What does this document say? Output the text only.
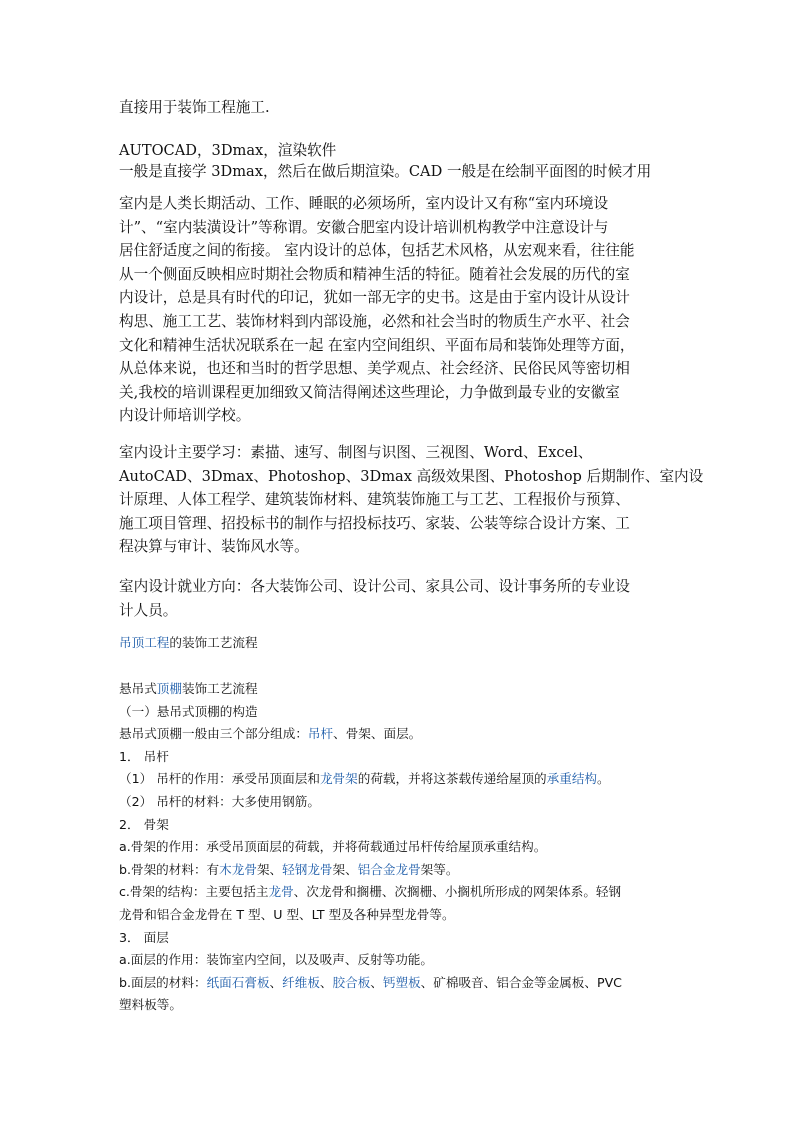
直接用于装饰工程施工.

AUTOCAD，3Dmax，渲染软件

一般是直接学 3Dmax，然后在做后期渲染。CAD 一般是在绘制平面图的时候才用

室内是人类长期活动、工作、睡眠的必须场所，室内设计又有称“室内环境设

计”、“室内装潢设计”等称谓。安徽合肥室内设计培训机构教学中注意设计与

居住舒适度之间的衔接。 室内设计的总体，包括艺术风格，从宏观来看，往往能

从一个侧面反映相应时期社会物质和精神生活的特征。随着社会发展的历代的室

内设计，总是具有时代的印记，犹如一部无字的史书。这是由于室内设计从设计

构思、施工工艺、装饰材料到内部设施，必然和社会当时的物质生产水平、社会

文化和精神生活状况联系在一起 在室内空间组织、平面布局和装饰处理等方面，

从总体来说，也还和当时的哲学思想、美学观点、社会经济、民俗民风等密切相

关,我校的培训课程更加细致又简洁得阐述这些理论，力争做到最专业的安徽室

内设计师培训学校。

室内设计主要学习：素描、速写、制图与识图、三视图、Word、Excel、

AutoCAD、3Dmax、Photoshop、3Dmax 高级效果图、Photoshop 后期制作、室内设

计原理、人体工程学、建筑装饰材料、建筑装饰施工与工艺、工程报价与预算、

施工项目管理、招投标书的制作与招投标技巧、家装、公装等综合设计方案、工

程决算与审计、装饰风水等。

室内设计就业方向：各大装饰公司、设计公司、家具公司、设计事务所的专业设

计人员。

吊顶工程的装饰工艺流程

悬吊式顶棚装饰工艺流程

（一）悬吊式顶棚的构造

悬吊式顶棚一般由三个部分组成：吊杆、骨架、面层。

1． 吊杆

（1） 吊杆的作用：承受吊顶面层和龙骨架的荷载，并将这茶载传递给屋顶的承重结构。

（2） 吊杆的材料：大多使用钢筋。

2． 骨架

a.骨架的作用：承受吊顶面层的荷载，并将荷载通过吊杆传给屋顶承重结构。

b.骨架的材料：有木龙骨架、轻钢龙骨架、铝合金龙骨架等。

c.骨架的结构：主要包括主龙骨、次龙骨和搁栅、次搁栅、小搁机所形成的网架体系。轻钢

龙骨和铝合金龙骨在 T 型、U 型、LT 型及各种异型龙骨等。

3． 面层

a.面层的作用：装饰室内空间，以及吸声、反射等功能。

b.面层的材料：纸面石膏板、纤维板、胶合板、钙塑板、矿棉吸音、铝合金等金属板、PVC

塑料板等。
